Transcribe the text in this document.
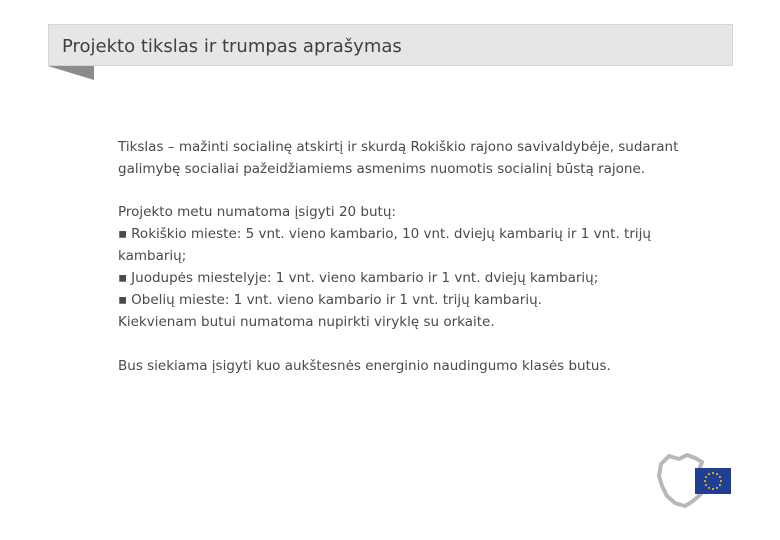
Projekto tikslas ir trumpas aprašymas

Tikslas – mažinti socialinę atskirtį ir skurdą Rokiškio rajono savivaldybėje, sudarant galimybę socialiai pažeidžiamiems asmenims nuomotis socialinį būstą rajone.

Projekto metu numatoma įsigyti 20 butų:

▪ Rokiškio mieste: 5 vnt. vieno kambario, 10 vnt. dviejų kambarių ir 1 vnt. trijų kambarių;

▪ Juodupės miestelyje: 1 vnt. vieno kambario ir 1 vnt. dviejų kambarių;

▪ Obelių mieste: 1 vnt. vieno kambario ir 1 vnt. trijų kambarių.

Kiekvienam butui numatoma nupirkti viryklę su orkaite.

Bus siekiama įsigyti kuo aukštesnės energinio naudingumo klasės butus.
